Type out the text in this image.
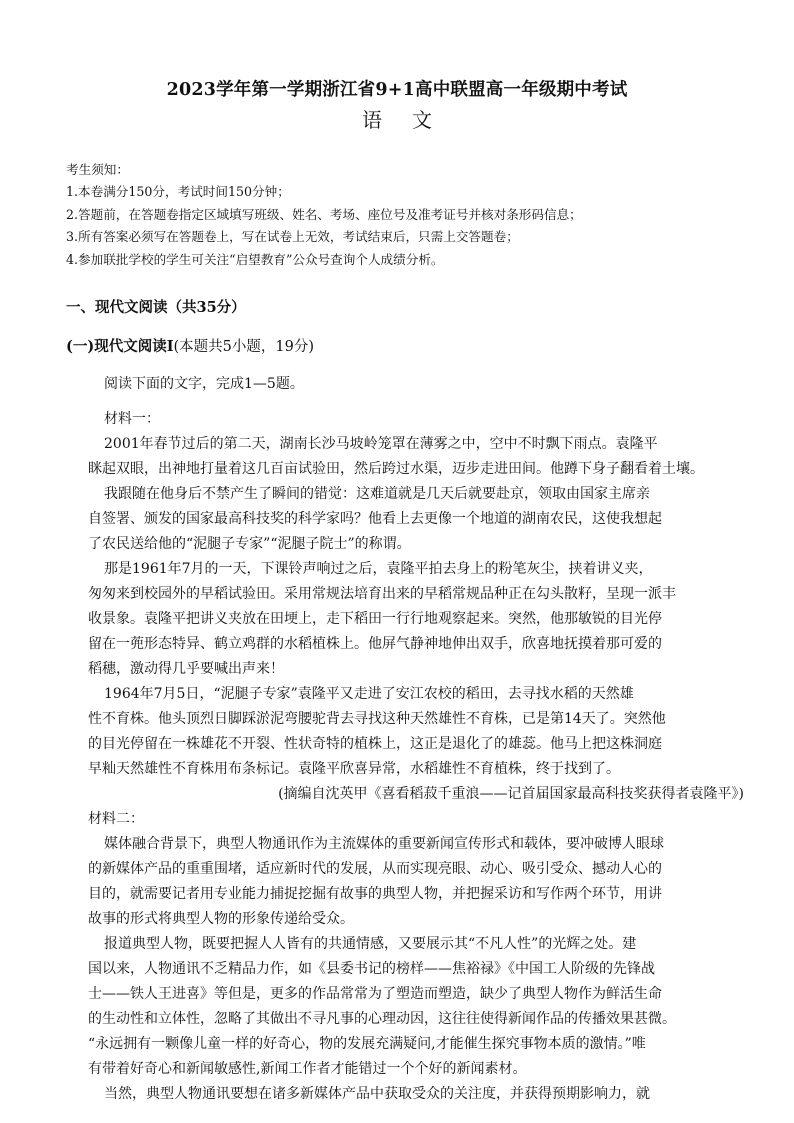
2023学年第一学期浙江省9+1高中联盟高一年级期中考试
语文
考生须知：
1.本卷满分150分，考试时间150分钟；
2.答题前，在答题卷指定区域填写班级、姓名、考场、座位号及准考证号并核对条形码信息；
3.所有答案必须写在答题卷上，写在试卷上无效，考试结束后，只需上交答题卷；
4.参加联批学校的学生可关注“启望教育”公众号查询个人成绩分析。
一、现代文阅读（共35分）
(一)现代文阅读I(本题共5小题，19分)
阅读下面的文字，完成1—5题。
材料一：
2001年春节过后的第二天，湖南长沙马坡岭笼罩在薄雾之中，空中不时飘下雨点。袁隆平
眯起双眼，出神地打量着这几百亩试验田，然后跨过水渠，迈步走进田间。他蹲下身子翻看着土壤。
我跟随在他身后不禁产生了瞬间的错觉：这难道就是几天后就要赴京，领取由国家主席亲
自签署、颁发的国家最高科技奖的科学家吗？他看上去更像一个地道的湖南农民，这使我想起
了农民送给他的“泥腿子专家”“泥腿子院士”的称谓。
那是1961年7月的一天，下课铃声响过之后，袁隆平拍去身上的粉笔灰尘，挟着讲义夹，
匆匆来到校园外的早稻试验田。采用常规法培育出来的早稻常规品种正在勾头散籽，呈现一派丰
收景象。袁隆平把讲义夹放在田埂上，走下稻田一行行地观察起来。突然，他那敏锐的目光停
留在一蔸形态特异、鹤立鸡群的水稻植株上。他屏气静神地伸出双手，欣喜地抚摸着那可爱的
稻穗，激动得几乎要喊出声来！
1964年7月5日，“泥腿子专家”袁隆平又走进了安江农校的稻田，去寻找水稻的天然雄
性不育株。他头顶烈日脚踩淤泥弯腰驼背去寻找这种天然雄性不育株，已是第14天了。突然他
的目光停留在一株雄花不开裂、性状奇特的植株上，这正是退化了的雄蕊。他马上把这株洞庭
早籼天然雄性不育株用布条标记。袁隆平欣喜异常，水稻雄性不育植株，终于找到了。
(摘编自沈英甲《喜看稻菽千重浪——记首届国家最高科技奖获得者袁隆平》)
材料二：
媒体融合背景下，典型人物通讯作为主流媒体的重要新闻宣传形式和载体，要冲破博人眼球
的新媒体产品的重重围堵，适应新时代的发展，从而实现亮眼、动心、吸引受众、撼动人心的
目的，就需要记者用专业能力捕捉挖掘有故事的典型人物，并把握采访和写作两个环节，用讲
故事的形式将典型人物的形象传递给受众。
报道典型人物，既要把握人人皆有的共通情感，又要展示其“不凡人性”的光辉之处。建
国以来，人物通讯不乏精品力作，如《县委书记的榜样——焦裕禄》《中国工人阶级的先锋战
士——铁人王进喜》等但是，更多的作品常常为了塑造而塑造，缺少了典型人物作为鲜活生命
的生动性和立体性，忽略了其做出不寻凡事的心理动因，这往往使得新闻作品的传播效果甚微。
“永远拥有一颗像儿童一样的好奇心，物的发展充满疑问,才能催生探究事物本质的激情。”唯
有带着好奇心和新闻敏感性,新闻工作者才能错过一个个好的新闻素材。
当然，典型人物通讯要想在诸多新媒体产品中获取受众的关注度，并获得预期影响力，就
